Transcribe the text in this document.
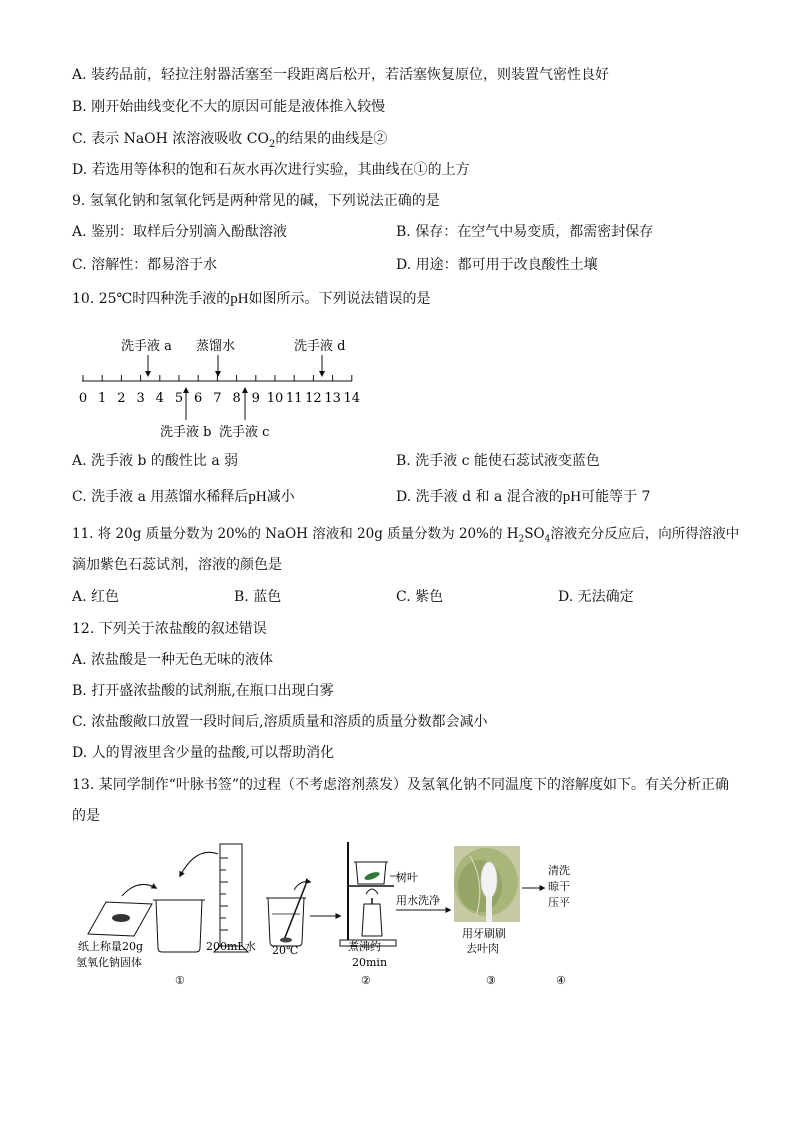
A. 装药品前，轻拉注射器活塞至一段距离后松开，若活塞恢复原位，则装置气密性良好
B. 刚开始曲线变化不大的原因可能是液体推入较慢
C. 表示 NaOH 浓溶液吸收 $CO_2$的结果的曲线是②
D. 若选用等体积的饱和石灰水再次进行实验，其曲线在①的上方
9. 氢氧化钠和氢氧化钙是两种常见的碱，下列说法正确的是
A. 鉴别：取样后分别滴入酚酞溶液	B. 保存：在空气中易变质，都需密封保存
C. 溶解性：都易溶于水	D. 用途：都可用于改良酸性土壤
10. 25℃时四种洗手液的pH如图所示。下列说法错误的是
0 1 2 3 4 5 6 7 8 9 10 11 12 13 14
洗手液 a 蒸馏水	洗手液 d
洗手液 b 洗手液 c
A. 洗手液 b 的酸性比 a 弱	B. 洗手液 c 能使石蕊试液变蓝色
C. 洗手液 a 用蒸馏水稀释后pH减小	D. 洗手液 d 和 a 混合液的pH可能等于 7
11. 将 20g 质量分数为 20%的 NaOH 溶液和 20g 质量分数为 20%的 $H_2SO_4$溶液充分反应后，向所得溶液中
滴加紫色石蕊试剂，溶液的颜色是
A. 红色	B. 蓝色	C. 紫色	D. 无法确定
12. 下列关于浓盐酸的叙述错误
A. 浓盐酸是一种无色无味的液体
B. 打开盛浓盐酸的试剂瓶,在瓶口出现白雾
C. 浓盐酸敞口放置一段时间后,溶质质量和溶质的质量分数都会减小
D. 人的胃液里含少量的盐酸,可以帮助消化
13. 某同学制作“叶脉书签”的过程（不考虑溶剂蒸发）及氢氧化钠不同温度下的溶解度如下。有关分析正确
的是
纸上称量20g
氢氧化钠固体
200mL水 20℃
树叶
用水洗净
煮沸约
20min
用牙刷刷
去叶肉
清洗
晾干
压平
①	②	③	④
